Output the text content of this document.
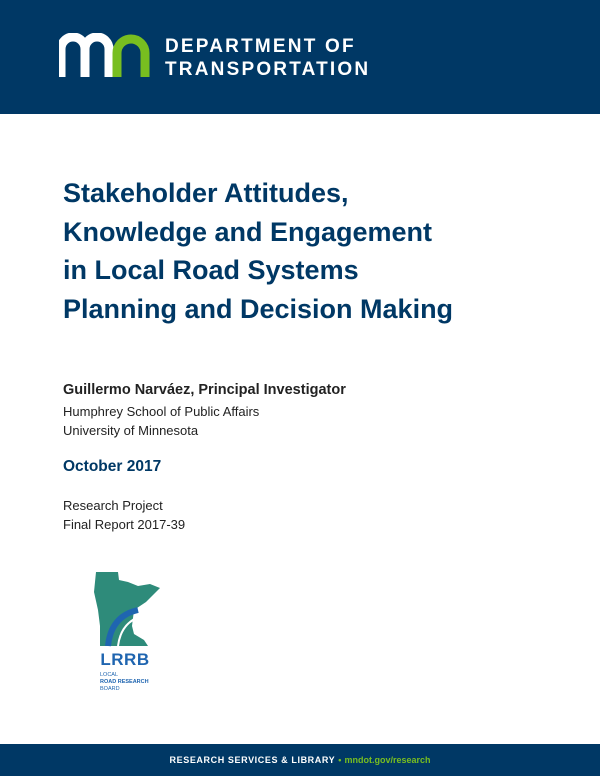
DEPARTMENT OF
TRANSPORTATION
Stakeholder Attitudes,
Knowledge and Engagement
in Local Road Systems
Planning and Decision Making
Guillermo Narváez, Principal Investigator
Humphrey School of Public Affairs
University of Minnesota
October 2017
Research Project
Final Report 2017-39
LRRB
LOCAL
ROAD RESEARCH
BOARD
RESEARCH SERVICES & LIBRARY • mndot.gov/research
